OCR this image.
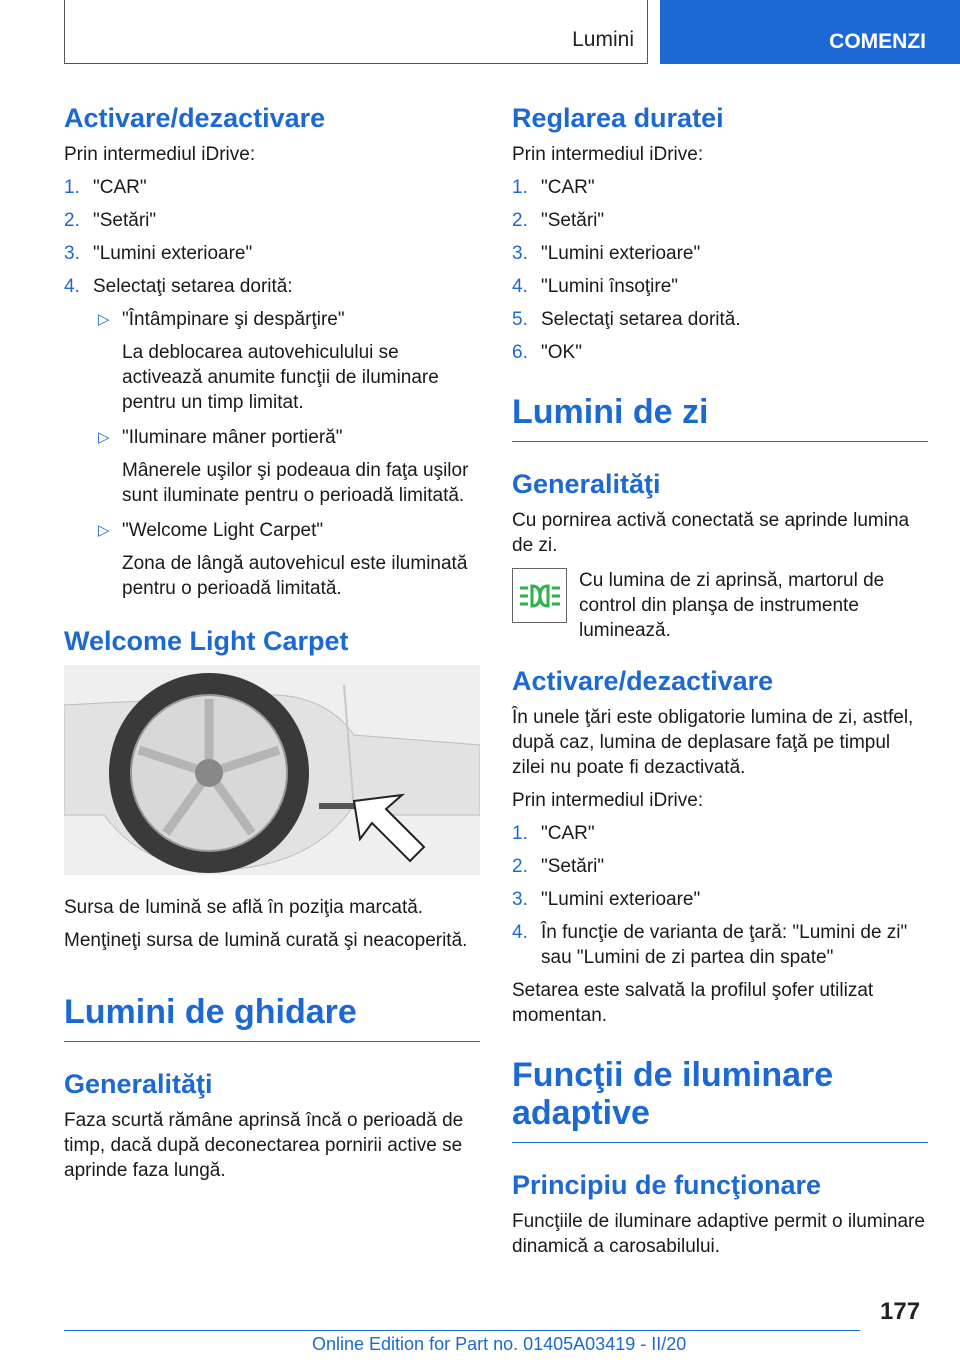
Lumini	COMENZI
Activare/dezactivare

Prin intermediul iDrive:

1. "CAR"
2. "Setări"
3. "Lumini exterioare"
4. Selectaţi setarea dorită:
▷ "Întâmpinare şi despărţire"
La deblocarea autovehiculului se activează anumite funcţii de iluminare pentru un timp limitat.
▷ "Iluminare mâner portieră"
Mânerele uşilor şi podeaua din faţa uşilor sunt iluminate pentru o perioadă limitată.
▷ "Welcome Light Carpet"
Zona de lângă autovehicul este iluminată pentru o perioadă limitată.
Welcome Light Carpet

Sursa de lumină se află în poziţia marcată.

Menţineţi sursa de lumină curată şi neacoperită.

Lumini de ghidare
Generalităţi

Faza scurtă rămâne aprinsă încă o perioadă de timp, dacă după deconectarea pornirii active se aprinde faza lungă.

Reglarea duratei

Prin intermediul iDrive:

1. "CAR"
2. "Setări"
3. "Lumini exterioare"
4. "Lumini însoţire"
5. Selectaţi setarea dorită.
6. "OK"
Lumini de zi
Generalităţi

Cu pornirea activă conectată se aprinde lumina de zi.

Cu lumina de zi aprinsă, martorul de control din planşa de instrumente luminează.

Activare/dezactivare

În unele ţări este obligatorie lumina de zi, astfel, după caz, lumina de deplasare faţă pe timpul zilei nu poate fi dezactivată.

Prin intermediul iDrive:

1. "CAR"
2. "Setări"
3. "Lumini exterioare"
4. În funcţie de varianta de ţară: "Lumini de zi" sau "Lumini de zi partea din spate"

Setarea este salvată la profilul şofer utilizat momentan.

Funcţii de iluminare adaptive
Principiu de funcţionare

Funcţiile de iluminare adaptive permit o iluminare dinamică a carosabilului.

177
Online Edition for Part no. 01405A03419 - II/20
